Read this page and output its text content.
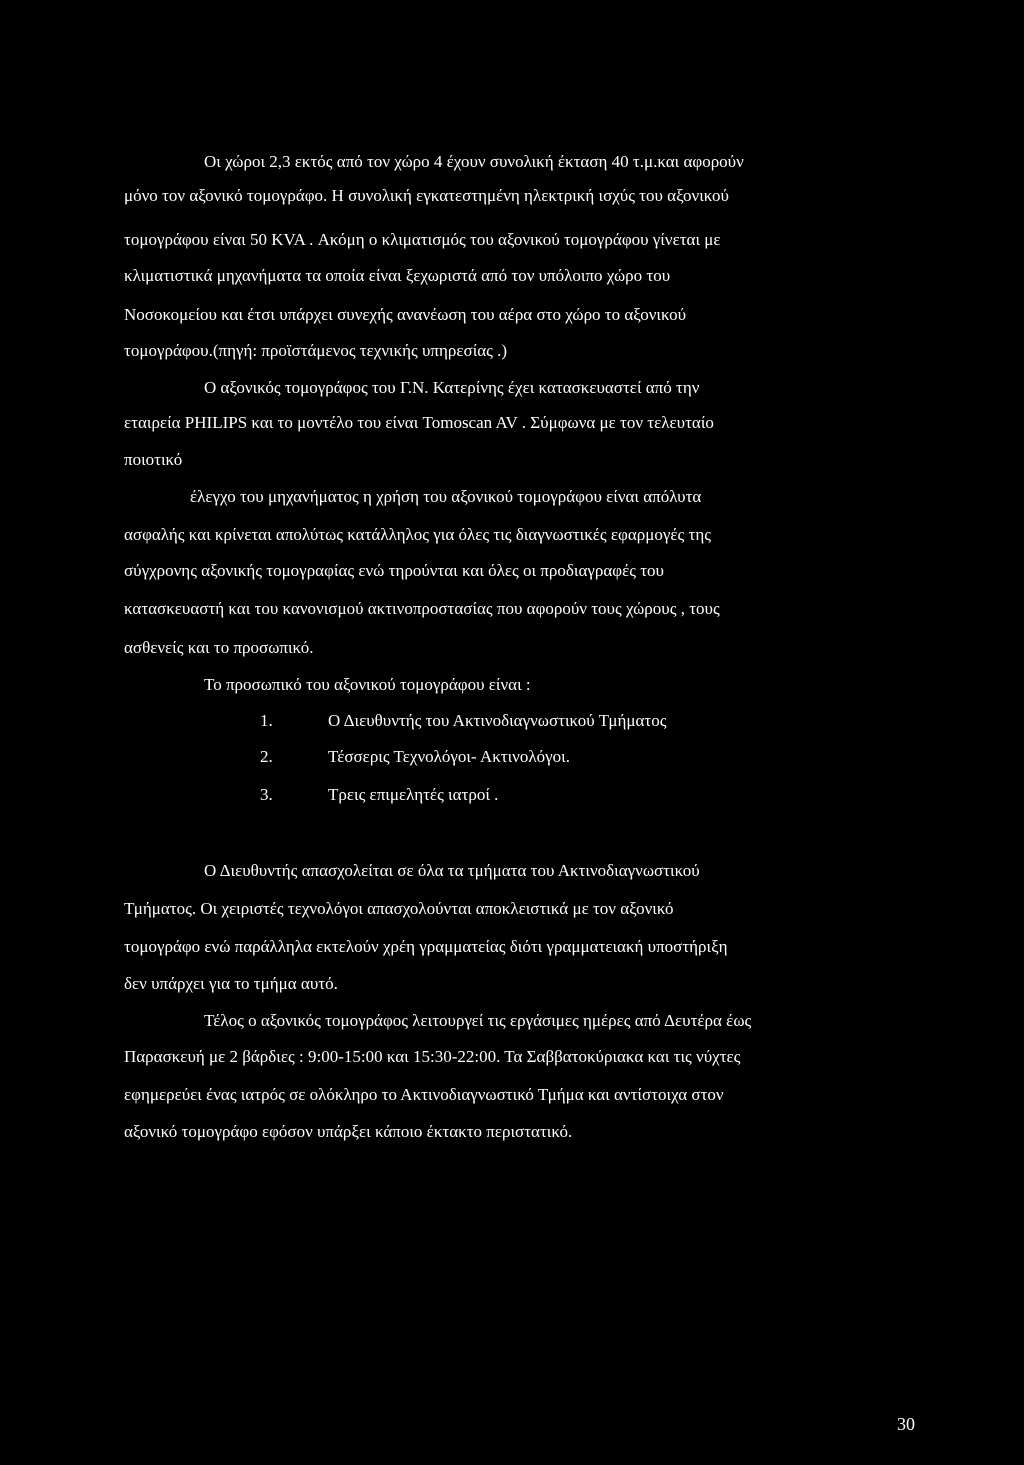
Οι χώροι 2,3 εκτός από τον χώρο 4 έχουν συνολική έκταση 40 τ.μ.και αφορούν
μόνο τον αξονικό τομογράφο. Η συνολική εγκατεστημένη ηλεκτρική ισχύς του αξονικού
τομογράφου είναι 50 KVA . Ακόμη ο κλιματισμός του αξονικού τομογράφου γίνεται με
κλιματιστικά μηχανήματα τα οποία είναι ξεχωριστά από τον υπόλοιπο χώρο του
Νοσοκομείου και έτσι υπάρχει συνεχής ανανέωση του αέρα στο χώρο το αξονικού
τομογράφου.(πηγή: προϊστάμενος τεχνικής υπηρεσίας .)
Ο αξονικός τομογράφος του Γ.Ν. Κατερίνης έχει κατασκευαστεί από την
εταιρεία PHILIPS και το μοντέλο του είναι Tomoscan AV . Σύμφωνα με τον τελευταίο
ποιοτικό
έλεγχο του μηχανήματος η χρήση του αξονικού τομογράφου είναι απόλυτα
ασφαλής και κρίνεται απολύτως κατάλληλος για όλες τις διαγνωστικές εφαρμογές της
σύγχρονης αξονικής τομογραφίας ενώ τηρούνται και όλες οι προδιαγραφές του
κατασκευαστή και του κανονισμού ακτινοπροστασίας που αφορούν τους χώρους , τους
ασθενείς και το προσωπικό.
Το προσωπικό του αξονικού τομογράφου είναι :
1.	Ο Διευθυντής του Ακτινοδιαγνωστικού Τμήματος
2.	Τέσσερις Τεχνολόγοι- Ακτινολόγοι.
3.	Τρεις επιμελητές ιατροί .
Ο Διευθυντής απασχολείται σε όλα τα τμήματα του Ακτινοδιαγνωστικού
Τμήματος. Οι χειριστές τεχνολόγοι απασχολούνται αποκλειστικά με τον αξονικό
τομογράφο ενώ παράλληλα εκτελούν χρέη γραμματείας διότι γραμματειακή υποστήριξη
δεν υπάρχει για το τμήμα αυτό.
Τέλος ο αξονικός τομογράφος λειτουργεί τις εργάσιμες ημέρες από Δευτέρα έως
Παρασκευή με 2 βάρδιες : 9:00-15:00 και 15:30-22:00. Τα Σαββατοκύριακα και τις νύχτες
εφημερεύει ένας ιατρός σε ολόκληρο το Ακτινοδιαγνωστικό Τμήμα και αντίστοιχα στον
αξονικό τομογράφο εφόσον υπάρξει κάποιο έκτακτο περιστατικό.
30
